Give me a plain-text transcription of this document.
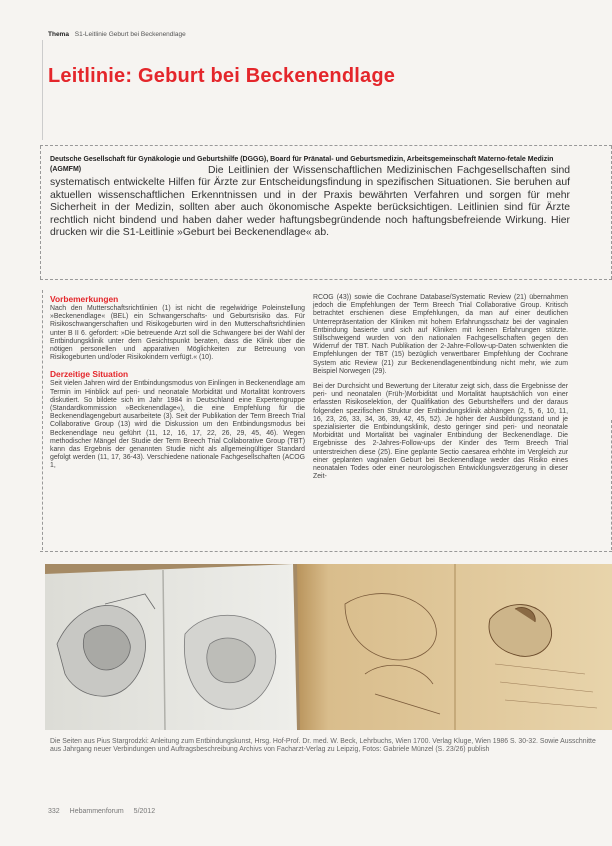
Thema S1-Leitlinie Geburt bei Beckenendlage
Leitlinie: Geburt bei Beckenendlage
Deutsche Gesellschaft für Gynäkologie und Geburtshilfe (DGGG), Board für Pränatal- und Geburtsmedizin, Arbeitsgemeinschaft Materno-fetale Medizin (AGMFM)	Die Leitlinien der Wissenschaftlichen Medizinischen Fachgesellschaften sind systematisch entwickelte Hilfen für Ärzte zur Entscheidungsfindung in spezifischen Situationen. Sie beruhen auf aktuellen wissenschaftlichen Erkenntnissen und in der Praxis bewährten Verfahren und sorgen für mehr Sicherheit in der Medizin, sollten aber auch ökonomische Aspekte berücksichtigen. Leitlinien sind für Ärzte rechtlich nicht bindend und haben daher weder haftungsbegründende noch haftungsbefreiende Wirkung. Hier drucken wir die S1-Leitlinie »Geburt bei Beckenendlage« ab.
Vorbemerkungen

Nach den Mutterschaftsrichtlinien (1) ist nicht die regelwidrige Poleinstellung »Beckenendlage« (BEL) ein Schwangerschafts- und Geburtsrisiko das. Für Risikoschwangerschaften und Risikogeburten wird in den Mutterschaftsrichtlinien unter B II 6. gefordert: »Die betreuende Arzt soll die Schwangere bei der Wahl der Entbindungsklinik unter dem Gesichtspunkt beraten, dass die Klinik über die nötigen personellen und apparativen Möglichkeiten zur Betreuung von Risikogeburten und/oder Risikokindern verfügt.« (10).

Derzeitige Situation

Seit vielen Jahren wird der Entbindungsmodus von Einlingen in Beckenendlage am Termin im Hinblick auf peri- und neonatale Morbidität und Mortalität kontrovers diskutiert. So bildete sich im Jahr 1984 in Deutschland eine Expertengruppe (Standardkommission »Beckenendlage«), die eine Empfehlung für die Beckenendlagengeburt ausarbeitete (3). Seit der Publikation der Term Breech Trial Collaborative Group (13) wird die Diskussion um den Entbindungsmodus bei Beckenendlage neu geführt (11, 12, 16, 17, 22, 26, 29, 45, 46). Wegen methodischer Mängel der Studie der Term Breech Trial Collaborative Group (TBT) kann das Ergebnis der genannten Studie nicht als allgemeingültiger Standard gefolgt werden (11, 17, 36-43). Verschiedene nationale Fachgesellschaften (ACOG 1,

RCOG (43)) sowie die Cochrane Database/Systematic Review (21) übernahmen jedoch die Empfehlungen der Term Breech Trial Collaborative Group. Kritisch betrachtet erschienen diese Empfehlungen, da man auf einer deutlichen Unterrepräsentation der Kliniken mit hohem Erfahrungsschatz bei der vaginalen Entbindung basierte und sich auf Kliniken mit keinen Erfahrungen stützte. Stillschweigend wurden von den nationalen Fachgesellschaften gegen den Widerruf der TBT. Nach Publikation der 2-Jahre-Follow-up-Daten schwenkten die Empfehlungen der TBT (15) bezüglich verwertbarer Empfehlung der Cochrane System atic Review (21) zur Beckenendlagenentbindung nicht mehr, wie zum Beispiel Norwegen (29).

Bei der Durchsicht und Bewertung der Literatur zeigt sich, dass die Ergebnisse der peri- und neonatalen (Früh-)Morbidität und Mortalität hauptsächlich von einer erfassten Risikoselektion, der Qualifikation des Geburtshelfers und der daraus folgenden spezifischen Struktur der Entbindungsklinik abhängen (2, 5, 6, 10, 11, 16, 23, 26, 33, 34, 36, 39, 42, 45, 52). Je höher der Ausbildungsstand und je spezialisierter die Entbindungsklinik, desto geringer sind peri- und neonatale Morbidität und Mortalität bei vaginaler Entbindung der Beckenendlage. Die Ergebnisse des 2-Jahres-Follow-ups der Kinder des Term Breech Trial unterstreichen diese (25). Eine geplante Sectio caesarea erhöhte im Vergleich zur einer geplanten vaginalen Geburt bei Beckenendlage weder das Risiko eines neonatalen Todes oder einer neurologischen Entwicklungsverzögerung in dieser Zeit-

Die Seiten aus Pius Stargrodzki: Anleitung zum Entbindungskunst, Hrsg. Hof-Prof. Dr. med. W. Beck, Lehrbuchs, Wien 1700. Verlag Kluge, Wien 1986 S. 30-32. Sowie Ausschnitte aus Jahrgang neuer Verbindungen und Auftragsbeschreibung Archivs von Facharzt-Verlag zu Leipzig, Fotos: Gabriele Münzel (S. 23/26) publish
332 Hebammenforum 5/2012
